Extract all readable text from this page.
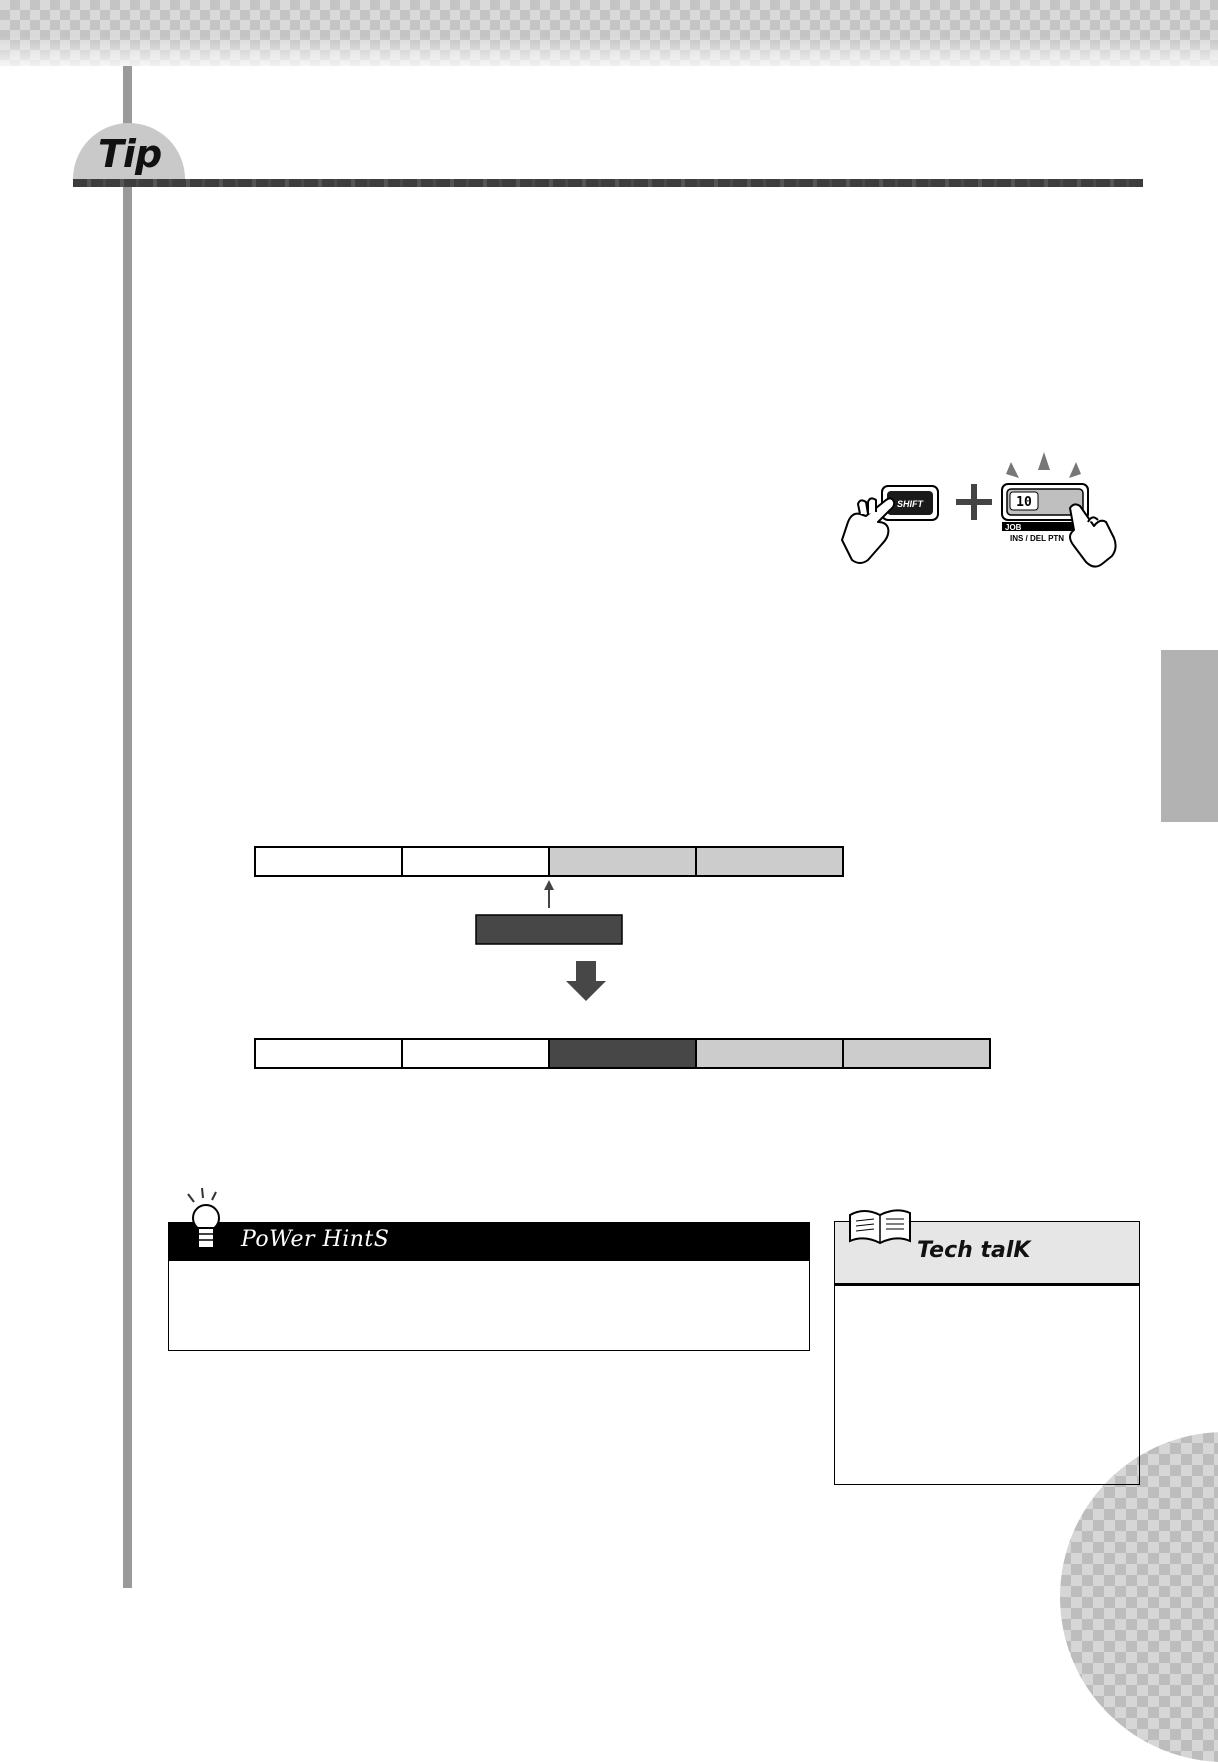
Tip
SHIFT	10
JOB
INS / DEL PTN
PoWer HintS	Tech talK
